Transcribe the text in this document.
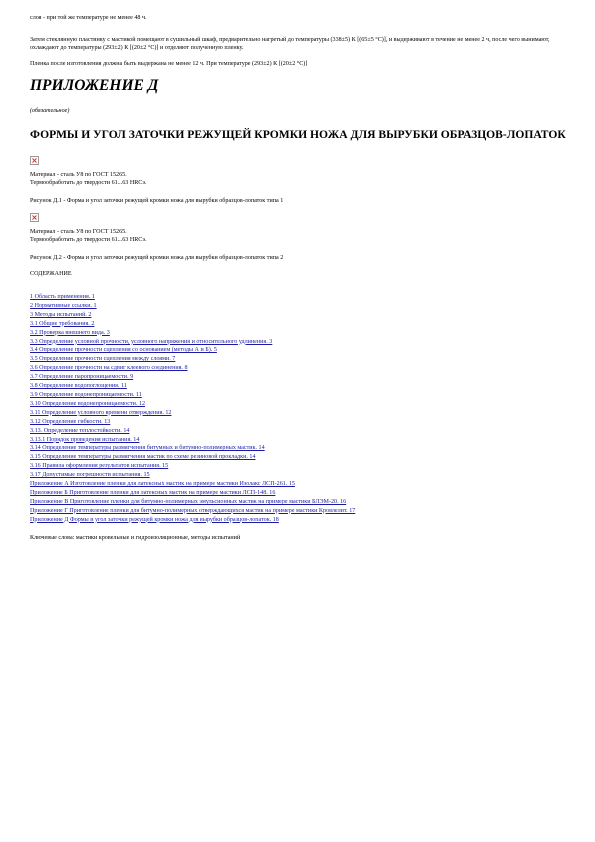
слоя - при той же температуре не менее 48 ч.

Затем стеклянную пластинку с мастикой помещают в сушильный шкаф, предварительно нагретый до температуры (338±5) К [(65±5 °С)], и выдерживают в течение не менее 2 ч, после чего вынимают, охлаждают до температуры (293±2) К [(20±2 °С)] и отделяют полученную пленку.

Пленка после изготовления должна быть выдержана не менее 12 ч. При температуре (293±2) К [(20±2 °С)]

ПРИЛОЖЕНИЕ Д

(обязательное)

ФОРМЫ И УГОЛ ЗАТОЧКИ РЕЖУЩЕЙ КРОМКИ НОЖА ДЛЯ ВЫРУБКИ ОБРАЗЦОВ-ЛОПАТОК

Материал - сталь У8 по ГОСТ 15265.

Термообработать до твердости 61...63 HRCэ.

Рисунок Д.1 - Форма и угол заточки режущей кромки ножа для вырубки образцов-лопаток типа 1

Материал - сталь У8 по ГОСТ 15265.

Термообработать до твердости 61...63 HRCэ.

Рисунок Д.2 - Форма и угол заточки режущей кромки ножа для вырубки образцов-лопаток типа 2

СОДЕРЖАНИЕ

1 Область применения. 1
2 Нормативные ссылки. 1
3 Методы испытаний. 2
3.1 Общие требования. 2
3.2 Проверка внешнего вида. 3
3.3 Определение условной прочности, условного напряжения и относительного удлинения. 3
3.4 Определение прочности сцепления со основанием (методы А и Б). 5
3.5 Определение прочности сцепления между слоями. 7
3.6 Определение прочности на сдвиг клеевого соединения. 8
3.7 Определение паропроницаемости. 9
3.8 Определение водопоглощения. 11
3.9 Определение водонепроницаемости. 11
3.10 Определение водонепроницаемости. 12
3.11 Определение условного времени отверждения. 12
3.12 Определение гибкости. 13
3.13. Определение теплостойкости. 14
3.13.1 Порядок проведения испытания. 14
3.14 Определение температуры размягчения битумных и битумно-полимерных мастик. 14
3.15 Определение температуры размягчения мастик по схеме резиновой прокладки. 14
3.16 Правила оформления результатов испытания. 15
3.17 Допустимые погрешности испытания. 15
Приложение А Изготовление пленки для латексных мастик на примере мастики Изолакс ЛСП-261. 15
Приложение Б Приготовление пленки для латексных мастик на примере мастики ЛСП-148. 16
Приложение В Приготовление пленки для битумно-полимерных эмульсионных мастик на примере мастики БЛЭМ-20. 16
Приложение Г Приготовление пленки для битумно-полимерных отверждающихся мастик на примере мастики Кровлелит. 17
Приложение Д Формы и угол заточки режущей кромки ножа для вырубки образцов-лопаток. 18

Ключевые слова: мастики кровельные и гидроизоляционные, методы испытаний
